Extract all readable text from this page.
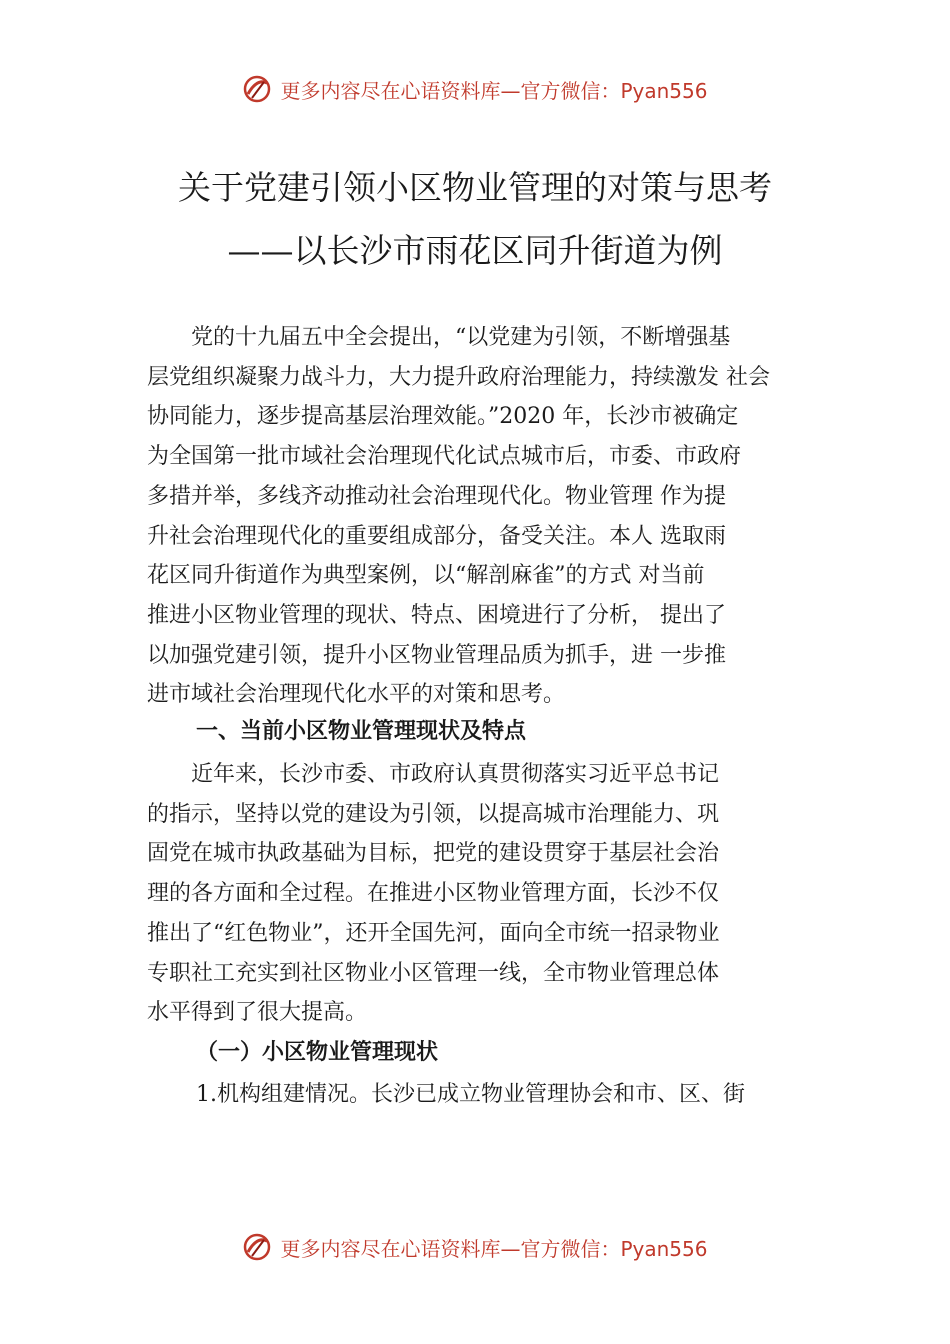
更多内容尽在心语资料库—官方微信：Pyan556
关于党建引领小区物业管理的对策与思考
——以长沙市雨花区同升街道为例
党的十九届五中全会提出，“以党建为引领，不断增强基
层党组织凝聚力战斗力，大力提升政府治理能力，持续激发 社会
协同能力，逐步提高基层治理效能。”2020 年，长沙市被确定
为全国第一批市域社会治理现代化试点城市后，市委、市政府
多措并举，多线齐动推动社会治理现代化。物业管理 作为提
升社会治理现代化的重要组成部分，备受关注。本人 选取雨
花区同升街道作为典型案例，以“解剖麻雀”的方式 对当前
推进小区物业管理的现状、特点、困境进行了分析， 提出了
以加强党建引领，提升小区物业管理品质为抓手，进 一步推
进市域社会治理现代化水平的对策和思考。
一、当前小区物业管理现状及特点
近年来，长沙市委、市政府认真贯彻落实习近平总书记
的指示，坚持以党的建设为引领，以提高城市治理能力、巩
固党在城市执政基础为目标，把党的建设贯穿于基层社会治
理的各方面和全过程。在推进小区物业管理方面，长沙不仅
推出了“红色物业”，还开全国先河，面向全市统一招录物业
专职社工充实到社区物业小区管理一线，全市物业管理总体
水平得到了很大提高。
（一）小区物业管理现状
1.机构组建情况。长沙已成立物业管理协会和市、区、街
更多内容尽在心语资料库—官方微信：Pyan556
